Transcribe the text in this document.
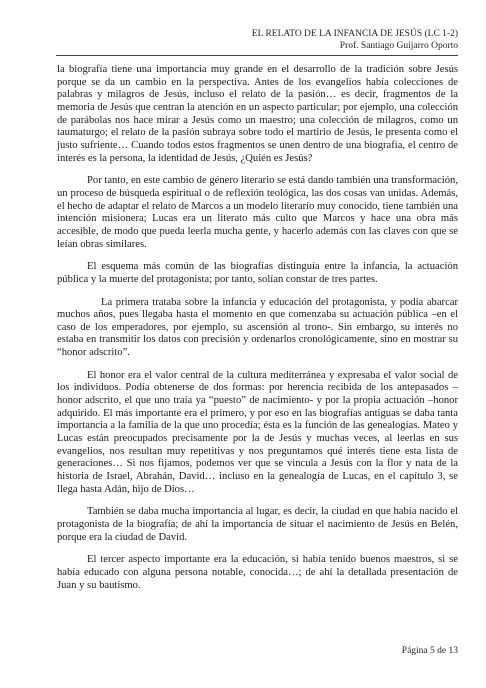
EL RELATO DE LA INFANCIA DE JESÚS (LC 1-2)
Prof. Santiago Guijarro Oporto

la biografía tiene una importancia muy grande en el desarrollo de la tradición sobre Jesús porque se da un cambio en la perspectiva. Antes de los evangelios había colecciones de palabras y milagros de Jesús, incluso el relato de la pasión… es decir, fragmentos de la memoria de Jesús que centran la atención en un aspecto particular; por ejemplo, una colección de parábolas nos hace mirar a Jesús como un maestro; una colección de milagros, como un taumaturgo; el relato de la pasión subraya sobre todo el martirio de Jesús, le presenta como el justo sufriente… Cuando todos estos fragmentos se unen dentro de una biografía, el centro de interés es la persona, la identidad de Jesús, ¿Quién es Jesús?

Por tanto, en este cambio de género literario se está dando también una transformación, un proceso de búsqueda espiritual o de reflexión teológica, las dos cosas van unidas. Además, el hecho de adaptar el relato de Marcos a un modelo literario muy conocido, tiene también una intención misionera; Lucas era un literato más culto que Marcos y hace una obra más accesible, de modo que pueda leerla mucha gente, y hacerlo además con las claves con que se leían obras similares.

El esquema más común de las biografías distinguía entre la infancia, la actuación pública y la muerte del protagonista; por tanto, solían constar de tres partes.

La primera trataba sobre la infancia y educación del protagonista, y podía abarcar muchos años, pues llegaba hasta el momento en que comenzaba su actuación pública –en el caso de los emperadores, por ejemplo, su ascensión al trono-. Sin embargo, su interés no estaba en transmitir los datos con precisión y ordenarlos cronológicamente, sino en mostrar su “honor adscrito”.

El honor era el valor central de la cultura mediterránea y expresaba el valor social de los individuos. Podía obtenerse de dos formas: por herencia recibida de los antepasados –honor adscrito, el que uno traía ya “puesto” de nacimiento- y por la propia actuación –honor adquirido. El más importante era el primero, y por eso en las biografías antiguas se daba tanta importancia a la familia de la que uno procedía; ésta es la función de las genealogías. Mateo y Lucas están preocupados precisamente por la de Jesús y muchas veces, al leerlas en sus evangelios, nos resultan muy repetitivas y nos preguntamos qué interés tiene esta lista de generaciones… Si nos fijamos, podemos ver que se vincula a Jesús con la flor y nata de la historia de Israel, Abrahán, David… incluso en la genealogía de Lucas, en el capítulo 3, se llega hasta Adán, hijo de Dios…

También se daba mucha importancia al lugar, es decir, la ciudad en que había nacido el protagonista de la biografía; de ahí la importancia de situar el nacimiento de Jesús en Belén, porque era la ciudad de David.

El tercer aspecto importante era la educación, si había tenido buenos maestros, si se había educado con alguna persona notable, conocida…; de ahí la detallada presentación de Juan y su bautismo.

Página 5 de 13
